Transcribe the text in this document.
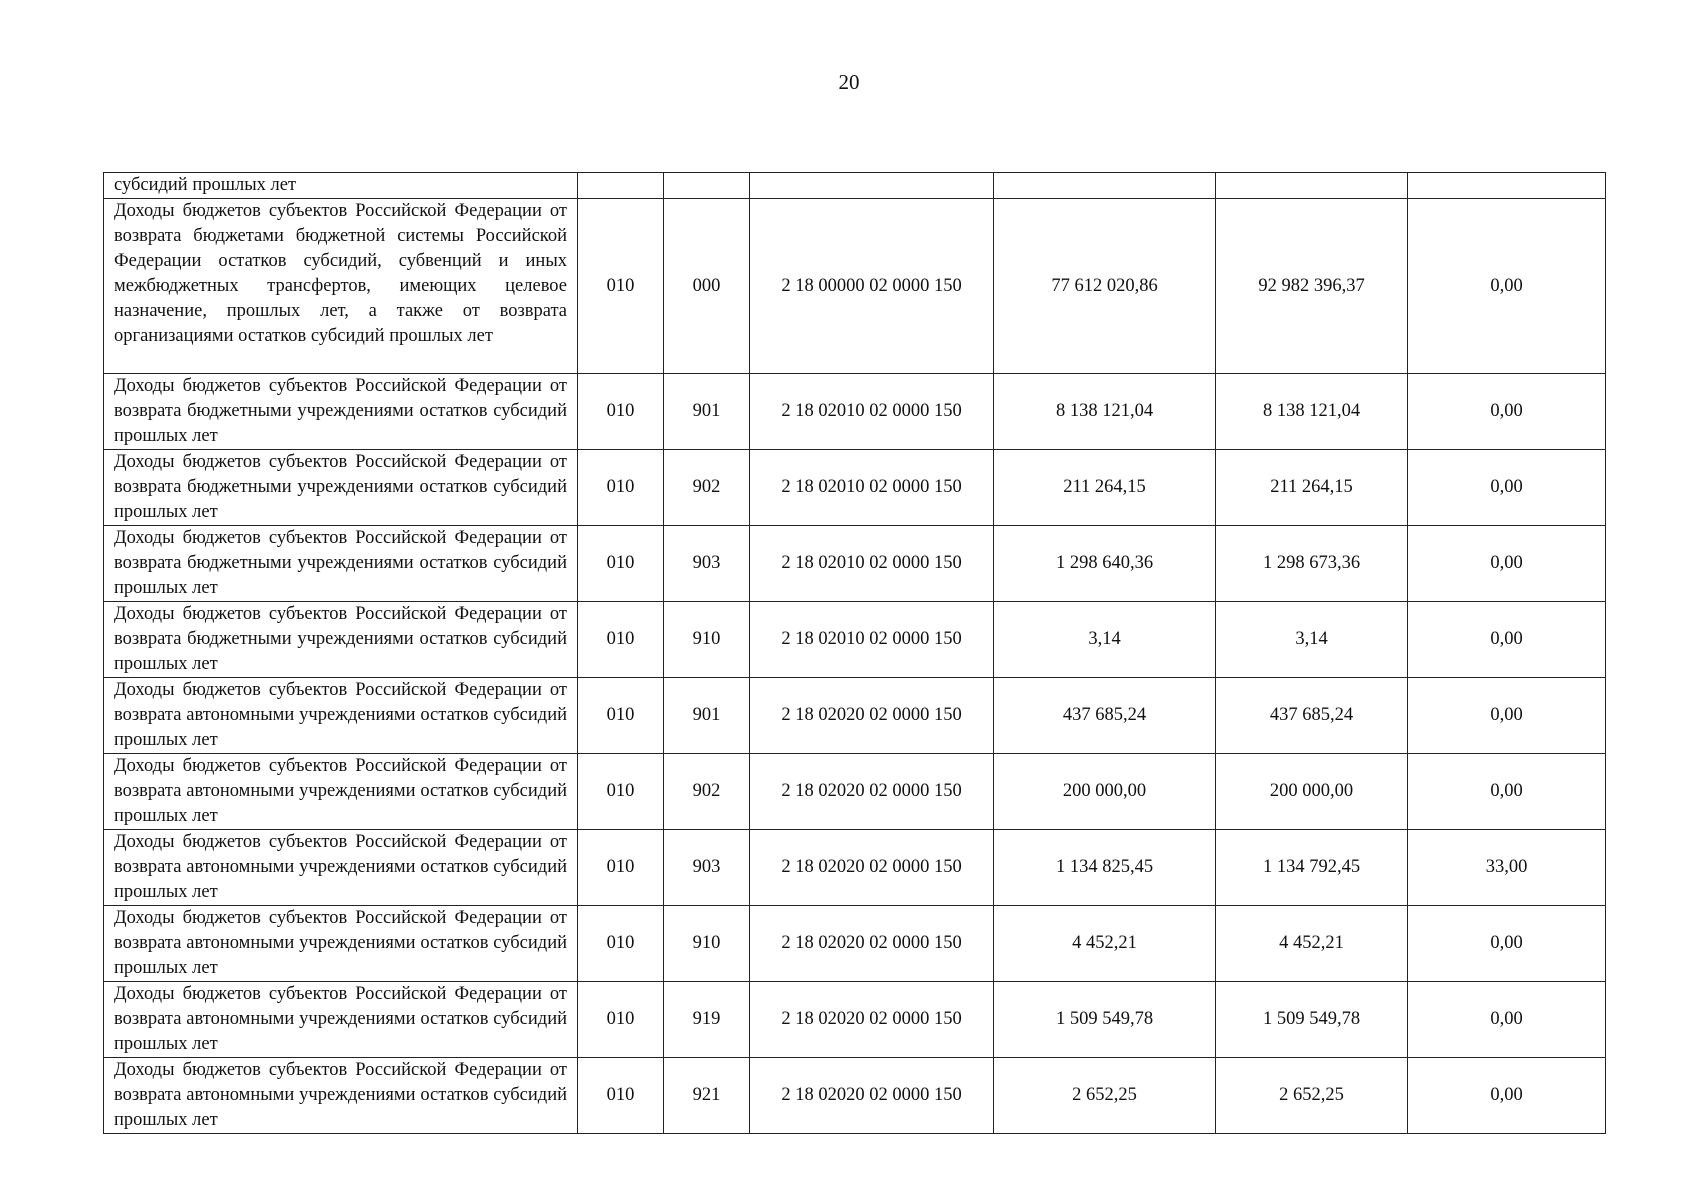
20
субсидий прошлых лет						
Доходы бюджетов субъектов Российской Федерации от возврата бюджетами бюджетной системы Российской Федерации остатков субсидий, субвенций и иных межбюджетных трансфертов, имеющих целевое назначение, прошлых лет, а также от возврата организациями остатков субсидий прошлых лет	010	000	2 18 00000 02 0000 150	77 612 020,86	92 982 396,37	0,00
Доходы бюджетов субъектов Российской Федерации от возврата бюджетными учреждениями остатков субсидий прошлых лет	010	901	2 18 02010 02 0000 150	8 138 121,04	8 138 121,04	0,00
Доходы бюджетов субъектов Российской Федерации от возврата бюджетными учреждениями остатков субсидий прошлых лет	010	902	2 18 02010 02 0000 150	211 264,15	211 264,15	0,00
Доходы бюджетов субъектов Российской Федерации от возврата бюджетными учреждениями остатков субсидий прошлых лет	010	903	2 18 02010 02 0000 150	1 298 640,36	1 298 673,36	0,00
Доходы бюджетов субъектов Российской Федерации от возврата бюджетными учреждениями остатков субсидий прошлых лет	010	910	2 18 02010 02 0000 150	3,14	3,14	0,00
Доходы бюджетов субъектов Российской Федерации от возврата автономными учреждениями остатков субсидий прошлых лет	010	901	2 18 02020 02 0000 150	437 685,24	437 685,24	0,00
Доходы бюджетов субъектов Российской Федерации от возврата автономными учреждениями остатков субсидий прошлых лет	010	902	2 18 02020 02 0000 150	200 000,00	200 000,00	0,00
Доходы бюджетов субъектов Российской Федерации от возврата автономными учреждениями остатков субсидий прошлых лет	010	903	2 18 02020 02 0000 150	1 134 825,45	1 134 792,45	33,00
Доходы бюджетов субъектов Российской Федерации от возврата автономными учреждениями остатков субсидий прошлых лет	010	910	2 18 02020 02 0000 150	4 452,21	4 452,21	0,00
Доходы бюджетов субъектов Российской Федерации от возврата автономными учреждениями остатков субсидий прошлых лет	010	919	2 18 02020 02 0000 150	1 509 549,78	1 509 549,78	0,00
Доходы бюджетов субъектов Российской Федерации от возврата автономными учреждениями остатков субсидий прошлых лет	010	921	2 18 02020 02 0000 150	2 652,25	2 652,25	0,00
